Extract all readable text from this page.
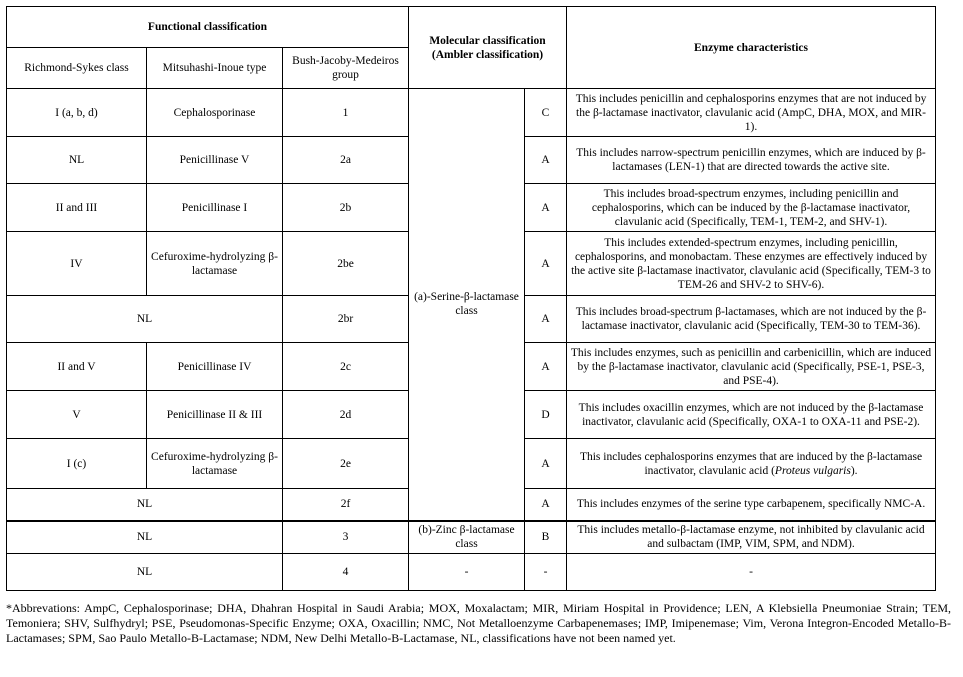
Functional classification			Molecular classification (Ambler classification)		Enzyme characteristics
Richmond-Sykes class	Mitsuhashi-Inoue type	Bush-Jacoby-Medeiros group			
I (a, b, d)	Cephalosporinase	1	(a)-Serine-β-lactamase class	C	This includes penicillin and cephalosporins enzymes that are not induced by the β-lactamase inactivator, clavulanic acid (AmpC, DHA, MOX, and MIR-1).
NL	Penicillinase V	2a		A	This includes narrow-spectrum penicillin enzymes, which are induced by β-lactamases (LEN-1) that are directed towards the active site.
II and III	Penicillinase I	2b		A	This includes broad-spectrum enzymes, including penicillin and cephalosporins, which can be induced by the β-lactamase inactivator, clavulanic acid (Specifically, TEM-1, TEM-2, and SHV-1).
IV	Cefuroxime-hydrolyzing β-lactamase	2be		A	This includes extended-spectrum enzymes, including penicillin, cephalosporins, and monobactam. These enzymes are effectively induced by the active site β-lactamase inactivator, clavulanic acid (Specifically, TEM-3 to TEM-26 and SHV-2 to SHV-6).
NL		2br		A	This includes broad-spectrum β-lactamases, which are not induced by the β-lactamase inactivator, clavulanic acid (Specifically, TEM-30 to TEM-36).
II and V	Penicillinase IV	2c		A	This includes enzymes, such as penicillin and carbenicillin, which are induced by the β-lactamase inactivator, clavulanic acid (Specifically, PSE-1, PSE-3, and PSE-4).
V	Penicillinase II & III	2d		D	This includes oxacillin enzymes, which are not induced by the β-lactamase inactivator, clavulanic acid (Specifically, OXA-1 to OXA-11 and PSE-2).
I (c)	Cefuroxime-hydrolyzing β-lactamase	2e		A	This includes cephalosporins enzymes that are induced by the β-lactamase inactivator, clavulanic acid (Proteus vulgaris).
NL		2f		A	This includes enzymes of the serine type carbapenem, specifically NMC-A.
NL		3	(b)-Zinc β-lactamase class	B	This includes metallo-β-lactamase enzyme, not inhibited by clavulanic acid and sulbactam (IMP, VIM, SPM, and NDM).
NL		4	-	-	-
*Abbrevations: AmpC, Cephalosporinase; DHA, Dhahran Hospital in Saudi Arabia; MOX, Moxalactam; MIR, Miriam Hospital in Providence; LEN, A Klebsiella Pneumoniae Strain; TEM, Temoniera; SHV, Sulfhydryl; PSE, Pseudomonas-Specific Enzyme; OXA, Oxacillin; NMC, Not Metalloenzyme Carbapenemases; IMP, Imipenemase; Vim, Verona Integron-Encoded Metallo-B-Lactamases; SPM, Sao Paulo Metallo-B-Lactamase; NDM, New Delhi Metallo-B-Lactamase, NL, classifications have not been named yet.
